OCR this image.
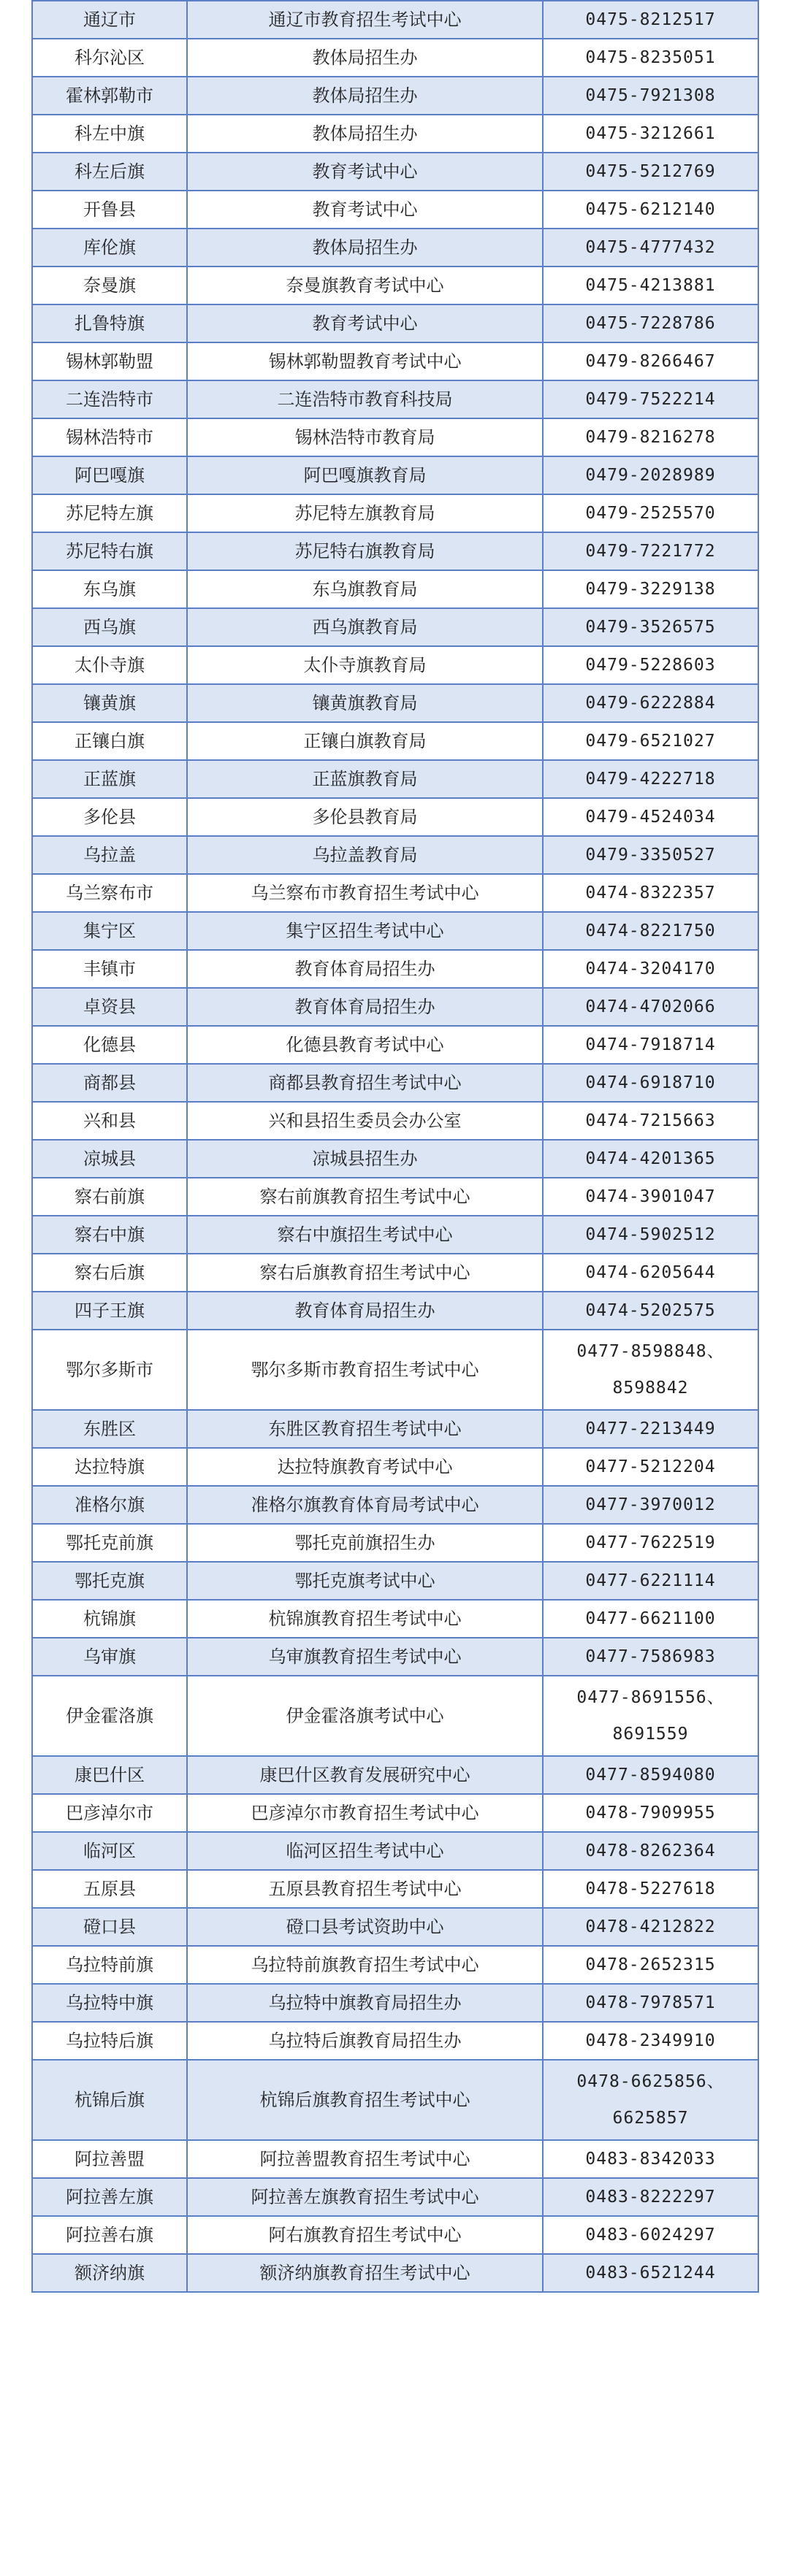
通辽市	通辽市教育招生考试中心	0475-8212517
科尔沁区	教体局招生办	0475-8235051
霍林郭勒市	教体局招生办	0475-7921308
科左中旗	教体局招生办	0475-3212661
科左后旗	教育考试中心	0475-5212769
开鲁县	教育考试中心	0475-6212140
库伦旗	教体局招生办	0475-4777432
奈曼旗	奈曼旗教育考试中心	0475-4213881
扎鲁特旗	教育考试中心	0475-7228786
锡林郭勒盟	锡林郭勒盟教育考试中心	0479-8266467
二连浩特市	二连浩特市教育科技局	0479-7522214
锡林浩特市	锡林浩特市教育局	0479-8216278
阿巴嘎旗	阿巴嘎旗教育局	0479-2028989
苏尼特左旗	苏尼特左旗教育局	0479-2525570
苏尼特右旗	苏尼特右旗教育局	0479-7221772
东乌旗	东乌旗教育局	0479-3229138
西乌旗	西乌旗教育局	0479-3526575
太仆寺旗	太仆寺旗教育局	0479-5228603
镶黄旗	镶黄旗教育局	0479-6222884
正镶白旗	正镶白旗教育局	0479-6521027
正蓝旗	正蓝旗教育局	0479-4222718
多伦县	多伦县教育局	0479-4524034
乌拉盖	乌拉盖教育局	0479-3350527
乌兰察布市	乌兰察布市教育招生考试中心	0474-8322357
集宁区	集宁区招生考试中心	0474-8221750
丰镇市	教育体育局招生办	0474-3204170
卓资县	教育体育局招生办	0474-4702066
化德县	化德县教育考试中心	0474-7918714
商都县	商都县教育招生考试中心	0474-6918710
兴和县	兴和县招生委员会办公室	0474-7215663
凉城县	凉城县招生办	0474-4201365
察右前旗	察右前旗教育招生考试中心	0474-3901047
察右中旗	察右中旗招生考试中心	0474-5902512
察右后旗	察右后旗教育招生考试中心	0474-6205644
四子王旗	教育体育局招生办	0474-5202575
鄂尔多斯市	鄂尔多斯市教育招生考试中心	0477-8598848、8598842
东胜区	东胜区教育招生考试中心	0477-2213449
达拉特旗	达拉特旗教育考试中心	0477-5212204
准格尔旗	准格尔旗教育体育局考试中心	0477-3970012
鄂托克前旗	鄂托克前旗招生办	0477-7622519
鄂托克旗	鄂托克旗考试中心	0477-6221114
杭锦旗	杭锦旗教育招生考试中心	0477-6621100
乌审旗	乌审旗教育招生考试中心	0477-7586983
伊金霍洛旗	伊金霍洛旗考试中心	0477-8691556、8691559
康巴什区	康巴什区教育发展研究中心	0477-8594080
巴彦淖尔市	巴彦淖尔市教育招生考试中心	0478-7909955
临河区	临河区招生考试中心	0478-8262364
五原县	五原县教育招生考试中心	0478-5227618
磴口县	磴口县考试资助中心	0478-4212822
乌拉特前旗	乌拉特前旗教育招生考试中心	0478-2652315
乌拉特中旗	乌拉特中旗教育局招生办	0478-7978571
乌拉特后旗	乌拉特后旗教育局招生办	0478-2349910
杭锦后旗	杭锦后旗教育招生考试中心	0478-6625856、6625857
阿拉善盟	阿拉善盟教育招生考试中心	0483-8342033
阿拉善左旗	阿拉善左旗教育招生考试中心	0483-8222297
阿拉善右旗	阿右旗教育招生考试中心	0483-6024297
额济纳旗	额济纳旗教育招生考试中心	0483-6521244
